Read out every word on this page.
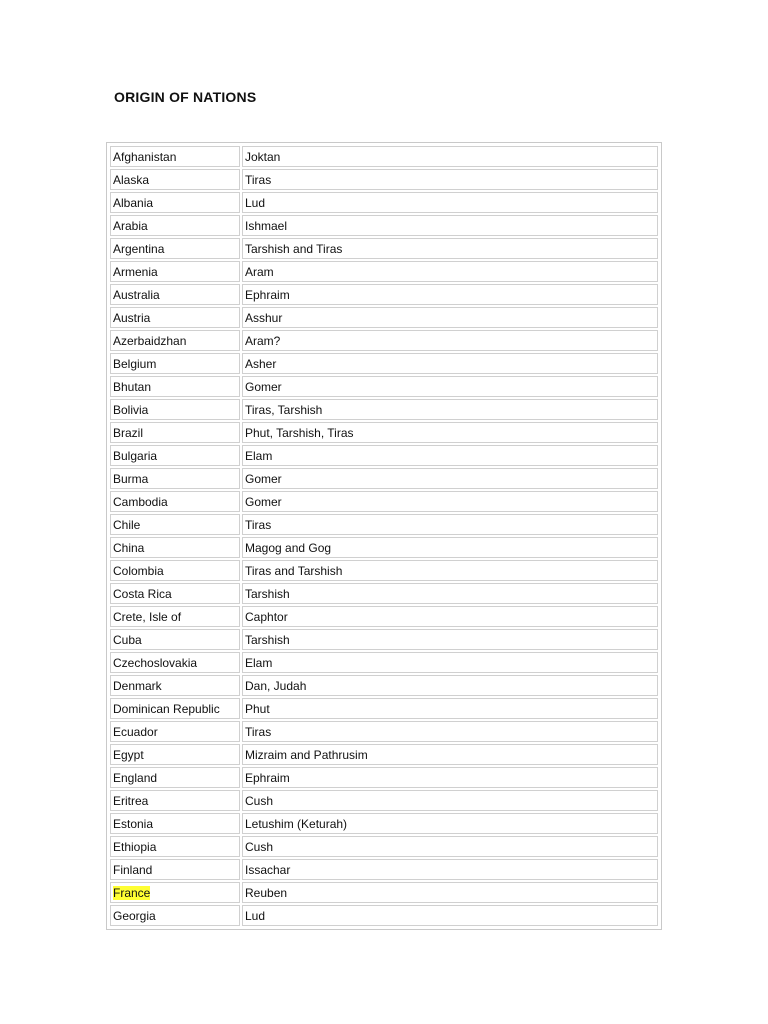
ORIGIN OF NATIONS
Afghanistan	Joktan
Alaska	Tiras
Albania	Lud
Arabia	Ishmael
Argentina	Tarshish and Tiras
Armenia	Aram
Australia	Ephraim
Austria	Asshur
Azerbaidzhan	Aram?
Belgium	Asher
Bhutan	Gomer
Bolivia	Tiras, Tarshish
Brazil	Phut, Tarshish, Tiras
Bulgaria	Elam
Burma	Gomer
Cambodia	Gomer
Chile	Tiras
China	Magog and Gog
Colombia	Tiras and Tarshish
Costa Rica	Tarshish
Crete, Isle of	Caphtor
Cuba	Tarshish
Czechoslovakia	Elam
Denmark	Dan, Judah
Dominican Republic	Phut
Ecuador	Tiras
Egypt	Mizraim and Pathrusim
England	Ephraim
Eritrea	Cush
Estonia	Letushim (Keturah)
Ethiopia	Cush
Finland	Issachar
France	Reuben
Georgia	Lud
